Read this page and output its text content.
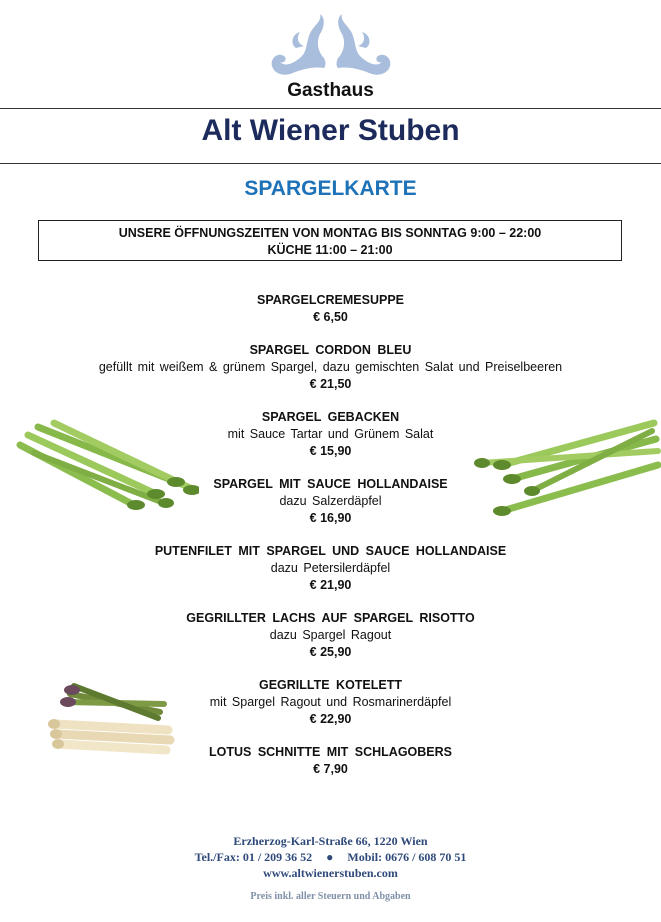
Gasthaus
Alt Wiener Stuben
SPARGELKARTE
UNSERE ÖFFNUNGSZEITEN VON MONTAG BIS SONNTAG 9:00 – 22:00
KÜCHE 11:00 – 21:00
SPARGELCREMESUPPE
€ 6,50
SPARGEL CORDON BLEU
gefüllt mit weißem & grünem Spargel, dazu gemischten Salat und Preiselbeeren
€ 21,50
SPARGEL GEBACKEN
mit Sauce Tartar und Grünem Salat
€ 15,90
SPARGEL MIT SAUCE HOLLANDAISE
dazu Salzerdäpfel
€ 16,90
PUTENFILET MIT SPARGEL UND SAUCE HOLLANDAISE
dazu Petersilerdäpfel
€ 21,90
GEGRILLTER LACHS AUF SPARGEL RISOTTO
dazu Spargel Ragout
€ 25,90
GEGRILLTE KOTELETT
mit Spargel Ragout und Rosmarinerdäpfel
€ 22,90
LOTUS SCHNITTE MIT SCHLAGOBERS
€ 7,90
Erzherzog-Karl-Straße 66, 1220 Wien
Tel./Fax: 01 / 209 36 52 ● Mobil: 0676 / 608 70 51
www.altwienerstuben.com
Preis inkl. aller Steuern und Abgaben
